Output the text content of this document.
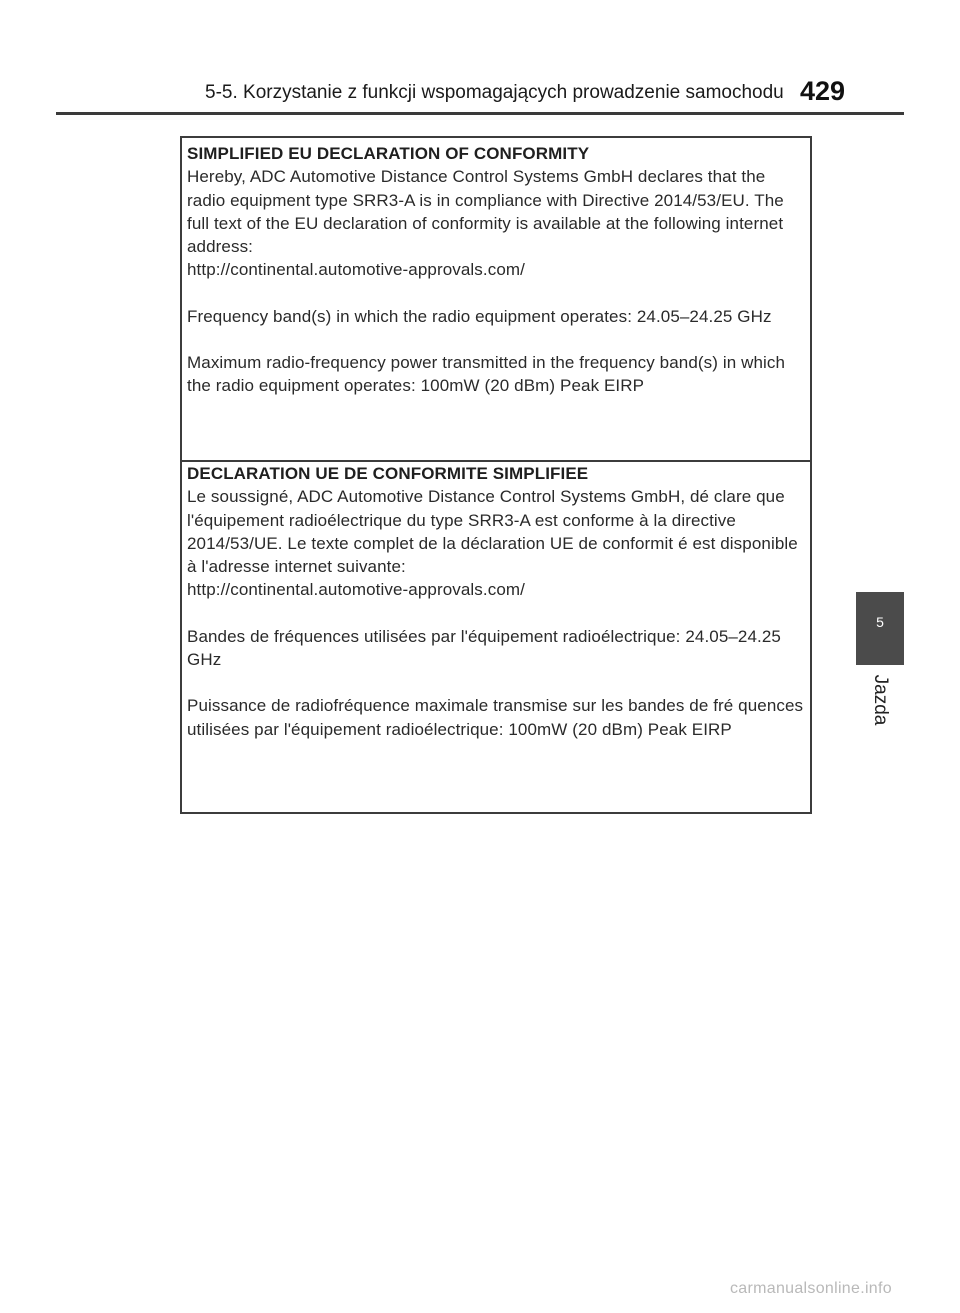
5-5. Korzystanie z funkcji wspomagających prowadzenie samochodu 429
5
Jazda

SIMPLIFIED EU DECLARATION OF CONFORMITY

Hereby, ADC Automotive Distance Control Systems GmbH declares that the radio equipment type SRR3-A is in compliance with Directive 2014/53/EU. The full text of the EU declaration of conformity is available at the following internet address:

http://continental.automotive-approvals.com/

Frequency band(s) in which the radio equipment operates: 24.05–24.25 GHz

Maximum radio-frequency power transmitted in the frequency band(s) in which the radio equipment operates: 100mW (20 dBm) Peak EIRP

DECLARATION UE DE CONFORMITE SIMPLIFIEE

Le soussigné, ADC Automotive Distance Control Systems GmbH, dé clare que l'équipement radioélectrique du type SRR3-A est conforme à la directive 2014/53/UE. Le texte complet de la déclaration UE de conformit é est disponible à l'adresse internet suivante:

http://continental.automotive-approvals.com/

Bandes de fréquences utilisées par l'équipement radioélectrique: 24.05–24.25 GHz

Puissance de radiofréquence maximale transmise sur les bandes de fré quences utilisées par l'équipement radioélectrique: 100mW (20 dBm) Peak EIRP

carmanualsonline.info
